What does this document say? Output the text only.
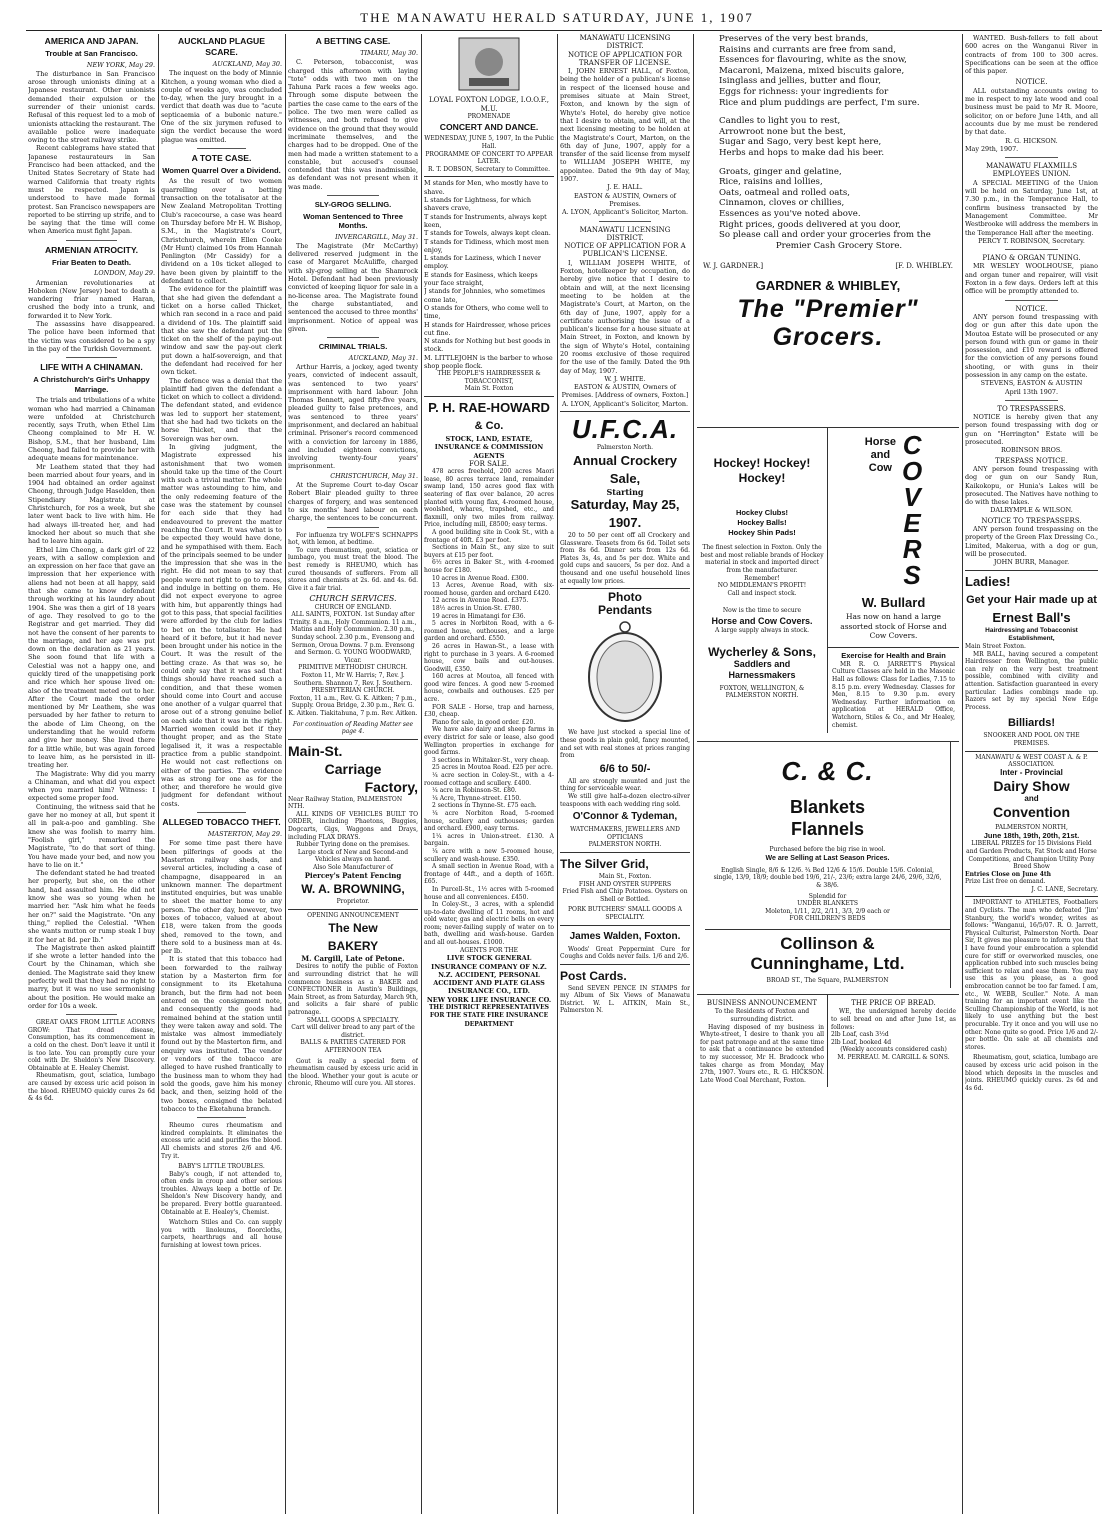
THE MANAWATU HERALD SATURDAY, JUNE 1, 1907
AMERICA AND JAPAN.
Trouble at San Francisco.
NEW YORK, May 29.

The disturbance in San Francisco arose through unionists dining at a Japanese restaurant. Other unionists demanded their expulsion or the surrender of their unionist cards. Refusal of this request led to a mob of unionists attacking the restaurant. The available police were inadequate owing to the street railway strike.

Recent cablegrams have stated that Japanese restaurateurs in San Francisco had been attacked, and the United States Secretary of State had warned California that treaty rights must be respected. Japan is understood to have made formal protest. San Francisco newspapers are reported to be stirring up strife, and to be saying that the time will come when America must fight Japan.

ARMENIAN ATROCITY.
Friar Beaten to Death.
LONDON, May 29.

Armenian revolutionaries at Hoboken (New Jersey) beat to death a wandering friar named Haran, crushed the body into a trunk, and forwarded it to New York.

The assassins have disappeared. The police have been informed that the victim was considered to be a spy in the pay of the Turkish Government.

LIFE WITH A CHINAMAN.
A Christchurch's Girl's Unhappy Marriage.

The trials and tribulations of a white woman who had married a Chinaman were unfolded at Christchurch recently, says Truth, when Ethel Lim Cheong complained to Mr H. W. Bishop, S.M., that her husband, Lim Cheong, had failed to provide her with adequate means for maintenance.

Mr Leathem stated that they had been married about four years, and in 1904 had obtained an order against Cheong, through Judge Haselden, then Stipendiary Magistrate at Christchurch, for ros a week, but she later went back to live with him. He had always ill-treated her, and had knocked her about so much that she had to leave him again.

Ethel Lim Cheong, a dark girl of 22 years, with a sallow complexion and an expression on her face that gave an impression that her experience with aliens had not been at all happy, said that she came to know defendant through working at his laundry about 1904. She was then a girl of 18 years of age. They resolved to go to the Registrar and get married. They did not have the consent of her parents to the marriage, and her age was put down on the declaration as 21 years. She soon found that life with a Celestial was not a happy one, and quickly tired of the unappetising pork and rice which her spouse lived on: also of the treatment meted out to her. After the Court made the order mentioned by Mr Leathem, she was persuaded by her father to return to the abode of Lim Cheong, on the understanding that he would reform and give her money. She lived there for a little while, but was again forced to leave him, as he persisted in ill-treating her.

The Magistrate: Why did you marry a Chinaman, and what did you expect when you married him? Witness: I expected some proper food.

Continuing, the witness said that he gave her no money at all, but spent it all in pak-a-poo and gambling. She knew she was foolish to marry him. "Foolish girl," remarked the Magistrate, "to do that sort of thing. You have made your bed, and now you have to lie on it."

The defendant stated he had treated her properly, but she, on the other hand, had assaulted him. He did not know she was so young when he married her. "Ask him what he feeds her on?" said the Magistrate. "On any thing," replied the Celestial. "When she wants mutton or rump steak I buy it for her at 8d. per lb."

The Magistrate then asked plaintiff if she wrote a letter handed into the Court by the Chinaman, which she denied. The Magistrate said they knew perfectly well that they had no right to marry, but it was no use sermonising about the position. He would make an order for 10s a week.

GREAT OAKS FROM LITTLE ACORNS GROW: That dread disease, Consumption, has its commencement in a cold on the chest. Don't leave it until it is too late. You can promptly cure your cold with Dr. Sheldon's New Discovery. Obtainable at E. Healey Chemist.

Rheumatism, gout, sciatica, lumbago are caused by excess uric acid poison in the blood. RHEUMO quickly cures 2s 6d & 4s 6d.

AUCKLAND PLAGUE SCARE.
AUCKLAND, May 30.

The inquest on the body of Minnie Kitchen, a young woman who died a couple of weeks ago, was concluded to-day, when the jury brought in a verdict that death was due to "acute septicaemia of a bubonic nature." One of the six jurymen refused to sign the verdict because the word plague was omitted.

A TOTE CASE.
Women Quarrel Over a Dividend.

As the result of two women quarrelling over a betting transaction on the totalisator at the New Zealand Metropolitan Trotting Club's racecourse, a case was heard on Thursday before Mr H. W. Bishop, S.M., in the Magistrate's Court, Christchurch, wherein Ellen Cooke (Mr Hunt) claimed 10s from Hannah Penlington (Mr Cassidy) for a dividend on a 10s ticket alleged to have been given by plaintiff to the defendant to collect.

The evidence for the plaintiff was that she had given the defendant a ticket on a horse called Thicket, which ran second in a race and paid a dividend of 10s. The plaintiff said that she saw the defendant put the ticket on the shelf of the paying-out window and saw the pay-out clerk put down a half-sovereign, and that the defendant had received for her own ticket.

The defence was a denial that the plaintiff had given the defendant a ticket on which to collect a dividend. The defendant stated, and evidence was led to support her statement, that she had had two tickets on the horse Thicket, and that the Sovereign was her own.

In giving judgment, the Magistrate expressed his astonishment that two women should take up the time of the Court with such a trivial matter. The whole matter was astounding to him, and the only redeeming feature of the case was the statement by counsel for each side that they had endeavoured to prevent the matter reaching the Court. It was what is to be expected they would have done, and he sympathised with them. Each of the principals seemed to be under the impression that she was in the right. He did not mean to say that people were not right to go to races, and indulge in betting on them. He did not expect everyone to agree with him, but apparently things had got to this pass, that special facilities were afforded by the club for ladies to bet on the totalisator. He had heard of it before, but it had never been brought under his notice in the Court. It was the result of the betting craze. As that was so, he could only say that it was sad that things should have reached such a condition, and that these women should come into Court and accuse one another of a vulgar quarrel that arose out of a strong genuine belief on each side that it was in the right. Married women could bet if they thought proper, and as the State legalised it, it was a respectable practice from a public standpoint. He would not cast reflections on either of the parties. The evidence was as strong for one as for the other, and therefore he would give judgment for defendant without costs.

ALLEGED TOBACCO THEFT.
MASTERTON, May 29.

For some time past there have been pilferings of goods at the Masterton railway sheds, and several articles, including a case of champagne, disappeared in an unknown manner. The department instituted enquiries, but was unable to sheet the matter home to any person. The other day, however, two boxes of tobacco, valued at about £18, were taken from the goods shed, removed to the town, and there sold to a business man at 4s. per lb.

It is stated that this tobacco had been forwarded to the railway station by a Masterton firm for consignment to its Eketahuna branch, but the firm had not been entered on the consignment note, and consequently the goods had remained behind at the station until they were taken away and sold. The mistake was almost immediately found out by the Masterton firm, and enquiry was instituted. The vendor or vendors of the tobacco are alleged to have rushed frantically to the business man to whom they had sold the goods, gave him his money back, and then, seizing hold of the two boxes, consigned the belated tobacco to the Eketahuna branch.

Rheumo cures rheumatism and kindred complaints. It eliminates the excess uric acid and purifies the blood. All chemists and stores 2/6 and 4/6. Try it.

BABY'S LITTLE TROUBLES.

Baby's cough, if not attended to, often ends in croup and other serious troubles. Always keep a bottle of Dr. Sheldon's New Discovery handy, and be prepared. Every bottle guaranteed. Obtainable at E. Healey's, Chemist.

Watchorn Stiles and Co. can supply you with linoleums, floorcloths, carpets, hearthrugs and all house furnishing at lowest town prices.

A BETTING CASE.
TIMARU, May 30.

C. Peterson, tobacconist, was charged this afternoon with laying "tote" odds with two men on the Tahuna Park races a few weeks ago. Through some dispute between the parties the case came to the ears of the police. The two men were called as witnesses, and both refused to give evidence on the ground that they would incriminate themselves, and the charges had to be dropped. One of the men had made a written statement to a constable, but accused's counsel contended that this was inadmissible, as defendant was not present when it was made.

SLY-GROG SELLING.
Woman Sentenced to Three Months.
INVERCARGILL, May 31.

The Magistrate (Mr McCarthy) delivered reserved judgment in the case of Margaret McAuliffe, charged with sly-grog selling at the Shamrock Hotel. Defendant had been previously convicted of keeping liquor for sale in a no-license area. The Magistrate found the charge substantiated, and sentenced the accused to three months' imprisonment. Notice of appeal was given.

CRIMINAL TRIALS.
AUCKLAND, May 31.

Arthur Harris, a jockey, aged twenty years, convicted of indecent assault, was sentenced to two years' imprisonment with hard labour. John Thomas Bennett, aged fifty-five years, pleaded guilty to false pretences, and was sentenced to three years' imprisonment, and declared an habitual criminal. Prisoner's record commenced with a conviction for larceny in 1886, and included eighteen convictions, involving twenty-four years' imprisonment.

CHRISTCHURCH, May 31.

At the Supreme Court to-day Oscar Robert Blair pleaded guilty to three charges of forgery, and was sentenced to six months' hard labour on each charge, the sentences to be concurrent.

For influenza try WOLFE'S SCHNAPPS hot, with lemon, at bedtime.

To cure rheumatism, gout, sciatica or lumbago, you must treat the blood. The best remedy is RHEUMO, which has cured thousands of sufferers. From all stores and chemists at 2s. 6d. and 4s. 6d. Give it a fair trial.

CHURCH SERVICES.
CHURCH OF ENGLAND.

ALL SAINTS, FOXTON. 1st Sunday after Trinity. 8 a.m., Holy Communion. 11 a.m., Matins and Holy Communion. 2.30 p.m., Sunday school. 2.30 p.m., Evensong and Sermon, Oroua Downs. 7 p.m. Evensong and Sermon. G. YOUNG WOODWARD, Vicar.

PRIMITIVE METHODIST CHURCH.

Foxton 11, Mr W. Harris; 7, Rev. J. Southern. Shannon 7, Rev. J. Southern.

PRESBYTERIAN CHURCH.

Foxton, 11 a.m., Rev. G. K. Aitken; 7 p.m., Supply. Oroua Bridge, 2.30 p.m., Rev. G. K. Aitken. Tiakitahuna, 7 p.m. Rev. Aitken.

For continuation of Reading Matter see page 4.
Main-St.
Carriage
Factory,
Near Railway Station, PALMERSTON NTH.

ALL KINDS OF VEHICLES BUILT TO ORDER, including Phaetons, Buggies, Dogcarts, Gigs, Waggons and Drays, including FLAX DRAYS.

Rubber Tyring done on the premises.
Large stock of New and Second-and Vehicles always on hand.
Also Sole Manufacturer of
Piercey's Patent Fencing
W. A. BROWNING,
Proprietor.
OPENING ANNOUNCEMENT
The New
BAKERY
M. Cargill, Late of Petone.

Desires to notify the public of Foxton and surrounding district that he will commence business as a BAKER and CONFECTIONER in Austin's Buildings, Main Street, as from Saturday, March 9th, and solicits a fair share of public patronage.

SMALL GOODS A SPECIALTY.
Cart will deliver bread to any part of the district.
BALLS & PARTIES CATERED FOR
AFTERNOON TEA

Gout is really a special form of rheumatism caused by excess uric acid in the blood. Whether your gout is acute or chronic, Rheumo will cure you. All stores.

LOYAL FOXTON LODGE, I.O.O.F., M.U.
PROMENADE
CONCERT AND DANCE.
WEDNESDAY, JUNE 5, 1907, In the Public Hall.
PROGRAMME OF CONCERT TO APPEAR LATER.
R. T. DOBSON, Secretary to Committee.
M stands for Men, who mostly have to shave.
L stands for Lightness, for which shavers crave,
T stands for Instruments, always kept keen,
T stands for Towels, always kept clean.
T stands for Tidiness, which most men enjoy,
L stands for Laziness, which I never employ.
E stands for Easiness, which keeps your face straight,
J stands for Johnnies, who sometimes come late,
O stands for Others, who come well to time,
H stands for Hairdresser, whose prices cut fine.
N stands for Nothing but best goods in stock.
M. LITTLEJOHN is the barber to whose shop people flock.
THE PEOPLE'S HAIRDRESSER & TOBACCONIST,
Main St. Foxton
P. H. RAE-HOWARD
& Co.
STOCK, LAND, ESTATE, INSURANCE & COMMISSION AGENTS
FOR SALE.

478 acres freehold, 200 acres Maori lease, 80 acres terrace land, remainder swamp land, 150 acres good flax with seatering of flax over balance, 20 acres planted with young flax, 4-roomed house, woolshed, whares, trapshed, etc., and flaxmill, only two miles from railway. Price, including mill, £8500; easy terms.

A good building site in Cook St., with a frontage of 40ft. £3 per foot.

Sections in Main St., any size to suit buyers at £15 per foot.

6½ acres in Baker St., with 4-roomed house for £180.

10 acres in Avenue Road. £300.

13 Acres, Avenue Road, with six-roomed house, garden and orchard £420.

12 acres in Avenue Road. £375.

18½ acres in Union-St. £780.

19 acres in Himatangi for £36.

5 acres in Norbiton Road, with a 6-roomed house, outhouses, and a large garden and orchard. £550.

26 acres in Hawan-St., a lease with right to purchase in 3 years. A 6-roomed house, cow bails and out-houses. Goodwill, £350.

160 acres at Moutoa, all fenced with good wire fences. A good new 5-roomed house, cowbails and outhouses. £25 per acre.

FOR SALE - Horse, trap and harness, £30, cheap.

Piano for sale, in good order. £20.

We have also dairy and sheep farms in every district for sale or lease, also good Wellington properties in exchange for good farms.

3 sections in Whitaker-St., very cheap.

25 acres in Moutoa Road. £25 per acre.

¼ acre section in Coley-St., with a 4-roomed cottage and scullery. £400.

¼ acre in Robinson-St. £80.

¼ Acre, Thynne-street. £150.

2 sections in Thynne-St. £75 each.

¼ acre Norbiton Road, 5-roomed house, scullery and outhouses; garden and orchard. £900, easy terms.

1¼ acres in Union-street. £130. A bargain.

¼ acre with a new 5-roomed house, scullery and wash-house. £350.

A small section in Avenue Road, with a frontage of 44ft., and a depth of 165ft. £65.

In Purcell-St., 1½ acres with 5-roomed house and all conveniences. £450.

In Coley-St., 3 acres, with a splendid up-to-date dwelling of 11 rooms, hot and cold water, gas and electric bells on every room; never-failing supply of water on to bath, dwelling and wash-house. Garden and all out-houses. £1000.

AGENTS FOR THE
LIVE STOCK GENERAL INSURANCE COMPANY OF N.Z.
N.Z. ACCIDENT, PERSONAL ACCIDENT AND PLATE GLASS INSURANCE CO., LTD.
NEW YORK LIFE INSURANCE CO.
THE DISTRICT REPRESENTATIVES FOR THE STATE FIRE INSURANCE DEPARTMENT
MANAWATU LICENSING DISTRICT.
NOTICE OF APPLICATION FOR TRANSFER OF LICENSE.

I, JOHN ERNEST HALL, of Foxton, being the holder of a publican's license in respect of the licensed house and premises situate at Main Street, Foxton, and known by the sign of Whyte's Hotel, do hereby give notice that I desire to obtain, and will, at the next licensing meeting to be holden at the Magistrate's Court, Marton, on the 6th day of June, 1907, apply for a transfer of the said license from myself to WILLIAM JOSEPH WHITE, my appointee. Dated the 9th day of May, 1907.

J. E. HALL.
EASTON & AUSTIN, Owners of Premises.
A. LYON, Applicant's Solicitor, Marton.
MANAWATU LICENSING DISTRICT.
NOTICE OF APPLICATION FOR A PUBLICAN'S LICENSE.

I, WILLIAM JOSEPH WHITE, of Foxton, hotelkeeper by occupation, do hereby give notice that I desire to obtain and will, at the next licensing meeting to be holden at the Magistrate's Court, at Marton, on the 6th day of June, 1907, apply for a certificate authorising the issue of a publican's license for a house situate at Main Street, in Foxton, and known by the sign of Whyte's Hotel, containing 20 rooms exclusive of those required for the use of the family. Dated the 9th day of May, 1907.

W. J. WHITE.
EASTON & AUSTIN, Owners of Premises. [Address of owners, Foxton.]
A. LYON, Applicant's Solicitor, Marton.
U.F.C.A.
Palmerston North.
Annual Crockery Sale,
Starting
Saturday, May 25, 1907.

20 to 50 per cent off all Crockery and Glassware. Teasets from 6s 6d. Toilet sets from 8s 6d. Dinner sets from 12s 6d. Plates 3s, 4s, and 5s per doz. White and gold cups and saucers, 5s per doz. And a thousand and one useful household lines at equally low prices.

Photo
Pendants

We have just stocked a special line of these goods in plain gold, fancy mounted, and set with real stones at prices ranging from

6/6 to 50/-

All are strongly mounted and just the thing for serviceable wear.

We still give half-a-dozen electro-silver teaspoons with each wedding ring sold.

O'Connor & Tydeman,
WATCHMAKERS, JEWELLERS AND OPTICIANS
PALMERSTON NORTH.
The Silver Grid,
Main St., Foxton.
FISH AND OYSTER SUPPERS
Fried Fish and Chip Potatoes. Oysters on Shell or Bottled.
PORK BUTCHERS' SMALL GOODS A SPECIALITY.
James Walden, Foxton.

Woods' Great Peppermint Cure for Coughs and Colds never fails. 1/6 and 2/6.

Post Cards.

Send SEVEN PENCE IN STAMPS for my Album of Six Views of Manawatu District. W. L. AITKIN, Main St., Palmerston N.

Preserves of the very best brands,
Raisins and currants are free from sand,
Essences for flavouring, white as the snow,
Macaroni, Maizena, mixed biscuits galore,
Isinglass and jellies, butter and flour,
Eggs for richness: your ingredients for
Rice and plum puddings are perfect, I'm sure.
Candles to light you to rest,
Arrowroot none but the best,
Sugar and Sago, very best kept here,
Herbs and hops to make dad his beer.
Groats, ginger and gelatine,
Rice, raisins and lollies,
Oats, oatmeal and rolled oats,
Cinnamon, cloves or chillies,
Essences as you've noted above.
Right prices, goods delivered at you door,
So please call and order your groceries from the
Premier Cash Grocery Store.
W. J. GARDNER.]	[F. D. WHIBLEY.
GARDNER & WHIBLEY,
The "Premier" Grocers.
Hockey! Hockey!
Hockey!
Hockey Clubs!
Hockey Balls!
Hockey Shin Pads!

The finest selection in Foxton. Only the best and most reliable brands of Hockey material in stock and imported direct from the manufacturer.

Remember!
NO MIDDLEMAN'S PROFIT!
Call and inspect stock.
Now is the time to secure
Horse and Cow Covers.
A large supply always in stock.
Wycherley & Sons,
Saddlers and Harnessmakers
FOXTON, WELLINGTON, & PALMERSTON NORTH.
Horse
and
Cow
C
O
V
E
R
S
W. Bullard

Has now on hand a large assorted stock of Horse and Cow Covers.

Exercise for Health and Brain

MR R. O. JARRETT'S Physical Culture Classes are held in the Masonic Hall as follows: Class for Ladies, 7.15 to 8.15 p.m. every Wednesday. Classes for Men, 8.15 to 9.30 p.m. every Wednesday. Further information on application at HERALD Office, Watchorn, Stiles & Co., and Mr Healey, chemist.

C. & C.
Blankets
Flannels
Purchased before the big rise in wool.
We are Selling at Last Season Prices.

English Single, 8/6 & 12/6. ¾ Bed 12/6 & 15/6. Double 15/6. Colonial, single, 13/9, 18/9; double bed 19/6, 21/-, 23/6; extra large 24/6, 29/6, 32/6, & 38/6.

Splendid for
UNDER BLANKETS
Moleton, 1/11, 2/2, 2/11, 3/3, 2/9 each or
FOR CHILDREN'S BEDS
Collinson &
Cunninghame, Ltd.
BROAD ST., The Square, PALMERSTON
BUSINESS ANNOUNCEMENT
To the Residents of Foxton and surrounding district.

Having disposed of my business in Whyte-street, I desire to thank you all for past patronage and at the same time to ask that a continuance be extended to my successor, Mr H. Bradcock who takes charge as from Monday, May 27th, 1907. Yours etc., R. G. HICKSON. Late Wood Coal Merchant, Foxton.

THE PRICE OF BREAD.

WE, the undersigned hereby decide to sell bread on and after June 1st, as follows:

2lb Loaf, cash 3½d
2lb Loaf, booked 4d
(Weekly accounts considered cash)
M. PERREAU. M. CARGILL & SONS.

WANTED. Bush-fellers to fell about 600 acres on the Wanganui River in contracts of from 100 to 300 acres. Specifications can be seen at the office of this paper.

NOTICE.

ALL outstanding accounts owing to me in respect to my late wood and coal business must be paid to Mr R. Moore, solicitor, on or before June 14th, and all accounts due by me must be rendered by that date.

R. G. HICKSON.
May 29th, 1907.
MANAWATU FLAXMILLS EMPLOYEES UNION.

A SPECIAL MEETING of the Union will be held on Saturday, June 1st, at 7.30 p.m., in the Temperance Hall, to confirm business transacted by the Management Committee. Mr Westbrooke will address the members in the Temperance Hall after the meeting.

PERCY T. ROBINSON, Secretary.
PIANO & ORGAN TUNING.

MR WESLEY WOOLHOUSE, piano and organ tuner and repairer, will visit Foxton in a few days. Orders left at this office will be promptly attended to.

NOTICE.

ANY person found trespassing with dog or gun after this date upon the Moutoa Estate will be prosecuted or any person found with gun or game in their possession, and £10 reward is offered for the conviction of any persons found shooting, or with guns in their possession in any camp on the estate.

STEVENS, EASTON & AUSTIN
April 13th 1907.
TO TRESPASSERS.

NOTICE is hereby given that any person found trespassing with dog or gun on "Herrington" Estate will be prosecuted.

ROBINSON BROS.
TRESPASS NOTICE.

ANY person found trespassing with dog or gun on our Sandy Run, Kaikokopu, or Hunia's Lakes will be prosecuted. The Natives have nothing to do with these lakes.

DALRYMPLE & WILSON.
NOTICE TO TRESPASSERS.

ANY person found trespassing on the property of the Green Flax Dressing Co., Limited, Makerua, with a dog or gun, will be prosecuted.

JOHN BURR, Manager.
Ladies!
Get your Hair made up at
Ernest Ball's
Hairdressing and Tobacconist Establishment,
Main Street Foxton.

MR BALL, having secured a competent Hairdresser from Wellington, the public can rely on the very best treatment possible, combined with civility and attention. Satisfaction guaranteed in every particular. Ladies combings made up. Razors set by my special New Edge Process.

Billiards!
SNOOKER AND POOL ON THE PREMISES.
MANAWATU & WEST COAST A. & P. ASSOCIATION.
Inter - Provincial
Dairy Show
and
Convention
PALMERSTON NORTH,
June 18th, 19th, 20th, 21st.

LIBERAL PRIZES for 15 Divisions Field and Garden Products, Fat Stock and Horse Competitions, and Champion Utility Pony Breed Show

Entries Close on June 4th
Prize List free on demand.
J. C. LANE, Secretary.

IMPORTANT to ATHLETES, Footballers and Cyclists. The man who defeated 'Jim' Stanbury, the world's wonder, writes as follows: "Wanganui, 16/5/07. R. O. Jarrett, Physical Culturist, Palmerston North. Dear Sir, It gives me pleasure to inform you that I have found your embrocation a splendid cure for stiff or overworked muscles, one application rubbed into such muscles being sufficient to relax and ease them. You may use this as you please, as a good embrocation cannot be too far famed. I am, etc., W. WEBB, Sculler." Note. A man training for an important event like the Sculling Championship of the World, is not likely to use anything but the best procurable. Try it once and you will use no other. None quite so good. Price 1/6 and 2/- per bottle. On sale at all chemists and stores.

Rheumatism, gout, sciatica, lumbago are caused by excess uric acid poison in the blood which deposits in the muscles and joints. RHEUMO quickly cures. 2s 6d and 4s 6d.
